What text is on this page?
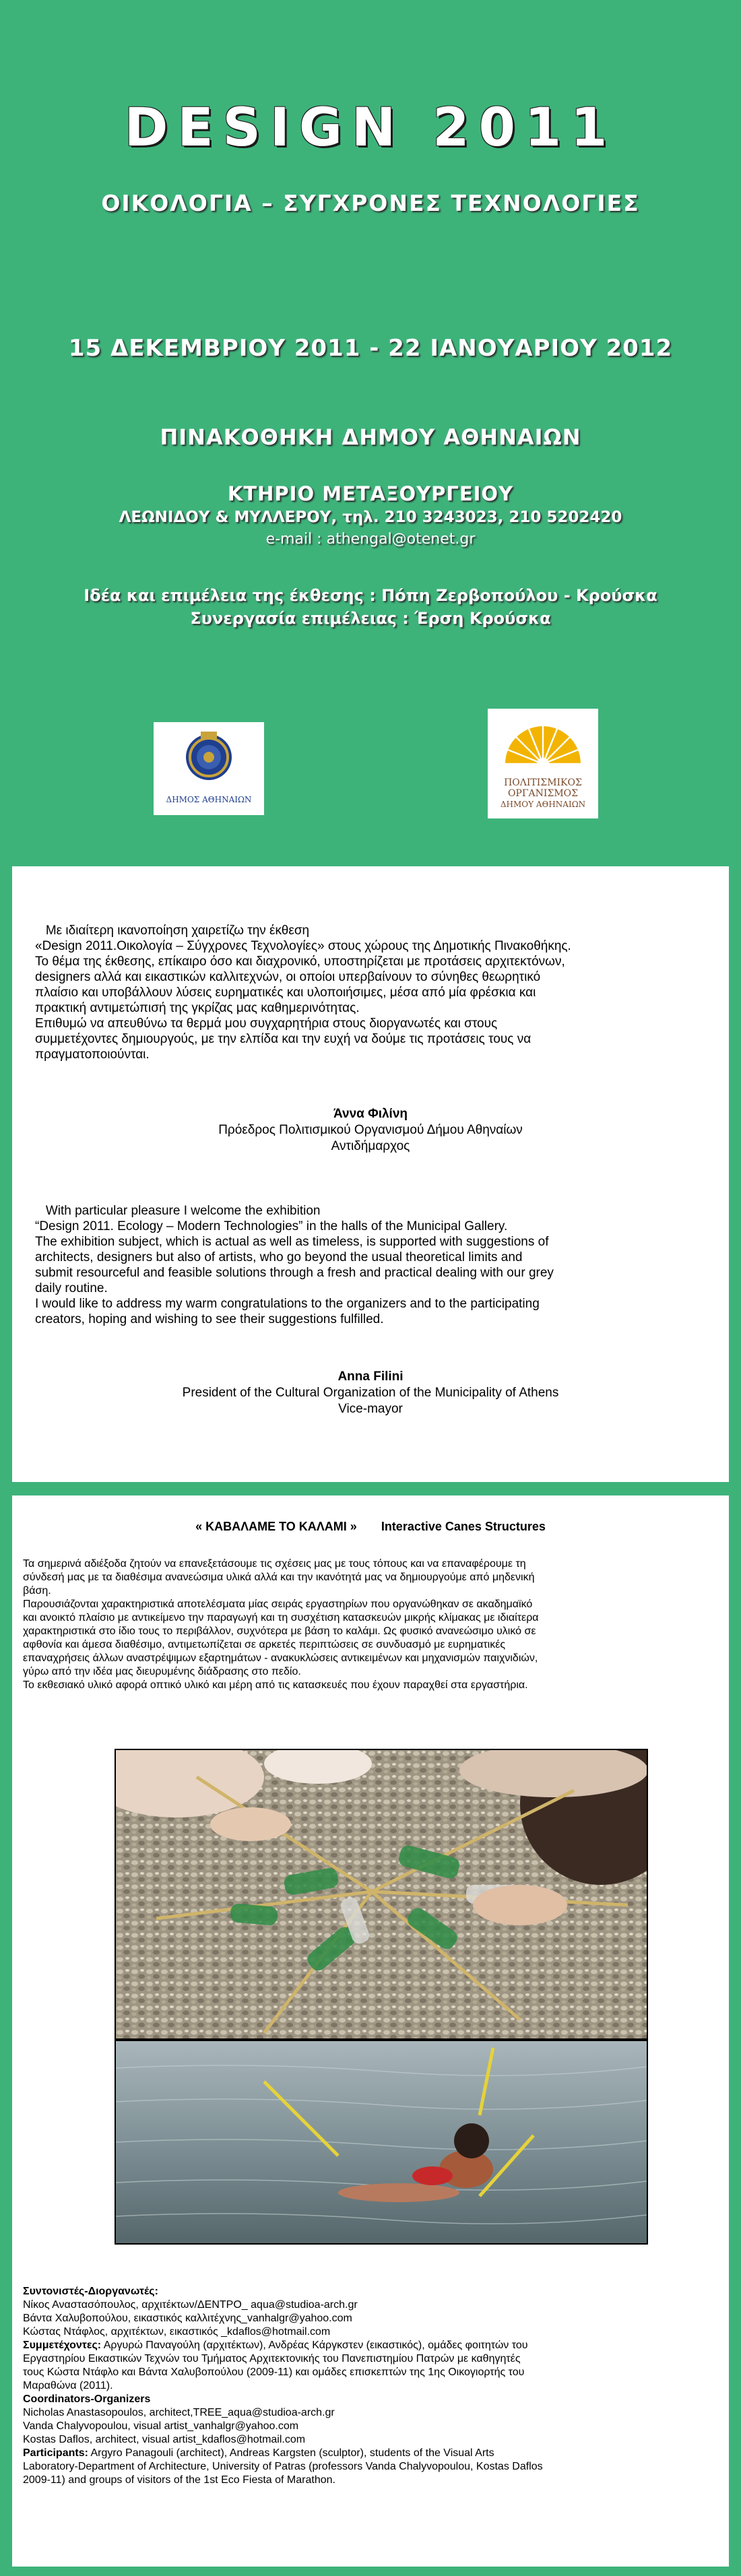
DESIGN 2011
ΟΙΚΟΛΟΓΙΑ – ΣΥΓΧΡΟΝΕΣ ΤΕΧΝΟΛΟΓΙΕΣ
15 ΔΕΚΕΜΒΡΙΟΥ 2011 - 22 ΙΑΝΟΥΑΡΙΟΥ 2012
ΠΙΝΑΚΟΘΗΚΗ ΔΗΜΟΥ ΑΘΗΝΑΙΩΝ
ΚΤΗΡΙΟ ΜΕΤΑΞΟΥΡΓΕΙΟΥ
ΛΕΩΝΙΔΟΥ & ΜΥΛΛΕΡΟΥ, τηλ. 210 3243023, 210 5202420
e-mail : athengal@otenet.gr
Ιδέα και επιμέλεια της έκθεσης : Πόπη Ζερβοπούλου - Κρούσκα
Συνεργασία επιμέλειας : Έρση Κρούσκα
ΔΗΜΟΣ ΑΘΗΝΑΙΩΝ
ΠΟΛΙΤΙΣΜΙΚΟΣ
ΟΡΓΑΝΙΣΜΟΣ
ΔΗΜΟΥ ΑΘΗΝΑΙΩΝ
Με ιδιαίτερη ικανοποίηση χαιρετίζω την έκθεση
«Design 2011.Οικολογία – Σύγχρονες Τεχνολογίες» στους χώρους της Δημοτικής Πινακοθήκης.
Το θέμα της έκθεσης, επίκαιρο όσο και διαχρονικό, υποστηρίζεται με προτάσεις αρχιτεκτόνων,
designers αλλά και εικαστικών καλλιτεχνών, οι οποίοι υπερβαίνουν το σύνηθες θεωρητικό
πλαίσιο και υποβάλλουν λύσεις ευρηματικές και υλοποιήσιμες, μέσα από μία φρέσκια και
πρακτική αντιμετώπισή της γκρίζας μας καθημερινότητας.
Επιθυμώ να απευθύνω τα θερμά μου συγχαρητήρια στους διοργανωτές και στους
συμμετέχοντες δημιουργούς, με την ελπίδα και την ευχή να δούμε τις προτάσεις τους να
πραγματοποιούνται.
Άννα Φιλίνη
Πρόεδρος Πολιτισμικού Οργανισμού Δήμου Αθηναίων
Αντιδήμαρχος
With particular pleasure I welcome the exhibition
“Design 2011. Ecology – Modern Technologies” in the halls of the Municipal Gallery.
The exhibition subject, which is actual as well as timeless, is supported with suggestions of
architects, designers but also of artists, who go beyond the usual theoretical limits and
submit resourceful and feasible solutions through a fresh and practical dealing with our grey
daily routine.
I would like to address my warm congratulations to the organizers and to the participating
creators, hoping and wishing to see their suggestions fulfilled.
Anna Filini
President of the Cultural Organization of the Municipality of Athens
Vice-mayor
« ΚΑΒΑΛΑΜΕ ΤΟ ΚΑΛΑΜΙ » Interactive Canes Structures
Τα σημερινά αδιέξοδα ζητούν να επανεξετάσουμε τις σχέσεις μας με τους τόπους και να επαναφέρουμε τη
σύνδεσή μας με τα διαθέσιμα ανανεώσιμα υλικά αλλά και την ικανότητά μας να δημιουργούμε από μηδενική
βάση.
Παρουσιάζονται χαρακτηριστικά αποτελέσματα μίας σειράς εργαστηρίων που οργανώθηκαν σε ακαδημαϊκό
και ανοικτό πλαίσιο με αντικείμενο την παραγωγή και τη συσχέτιση κατασκευών μικρής κλίμακας με ιδιαίτερα
χαρακτηριστικά στο ίδιο τους το περιβάλλον, συχνότερα με βάση το καλάμι. Ως φυσικό ανανεώσιμο υλικό σε
αφθονία και άμεσα διαθέσιμο, αντιμετωπίζεται σε αρκετές περιπτώσεις σε συνδυασμό με ευρηματικές
επαναχρήσεις άλλων αναστρέψιμων εξαρτημάτων - ανακυκλώσεις αντικειμένων και μηχανισμών παιχνιδιών,
γύρω από την ιδέα μας διευρυμένης διάδρασης στο πεδίο.
Το εκθεσιακό υλικό αφορά οπτικό υλικό και μέρη από τις κατασκευές που έχουν παραχθεί στα εργαστήρια.
Συντονιστές-Διοργανωτές:
Νίκος Αναστασόπουλος, αρχιτέκτων/ΔΕΝΤΡΟ_ aqua@studioa-arch.gr
Βάντα Χαλυβοπούλου, εικαστικός καλλιτέχνης_vanhalgr@yahoo.com
Κώστας Ντάφλος, αρχιτέκτων, εικαστικός _kdaflos@hotmail.com
Συμμετέχοντες: Αργυρώ Παναγούλη (αρχιτέκτων), Ανδρέας Κάργκστεν (εικαστικός), ομάδες φοιτητών του
Εργαστηρίου Εικαστικών Τεχνών του Τμήματος Αρχιτεκτονικής του Πανεπιστημίου Πατρών με καθηγητές
τους Κώστα Ντάφλο και Βάντα Χαλυβοπούλου (2009-11) και ομάδες επισκεπτών της 1ης Οικογιορτής του
Μαραθώνα (2011).
Coordinators-Organizers
Nicholas Anastasopoulos, architect,TREE_aqua@studioa-arch.gr
Vanda Chalyvopoulou, visual artist_vanhalgr@yahoo.com
Kostas Daflos, architect, visual artist_kdaflos@hotmail.com
Participants: Argyro Panagouli (architect), Andreas Kargsten (sculptor), students of the Visual Arts
Laboratory-Department of Architecture, University of Patras (professors Vanda Chalyvopoulou, Kostas Daflos
2009-11) and groups of visitors of the 1st Eco Fiesta of Marathon.
